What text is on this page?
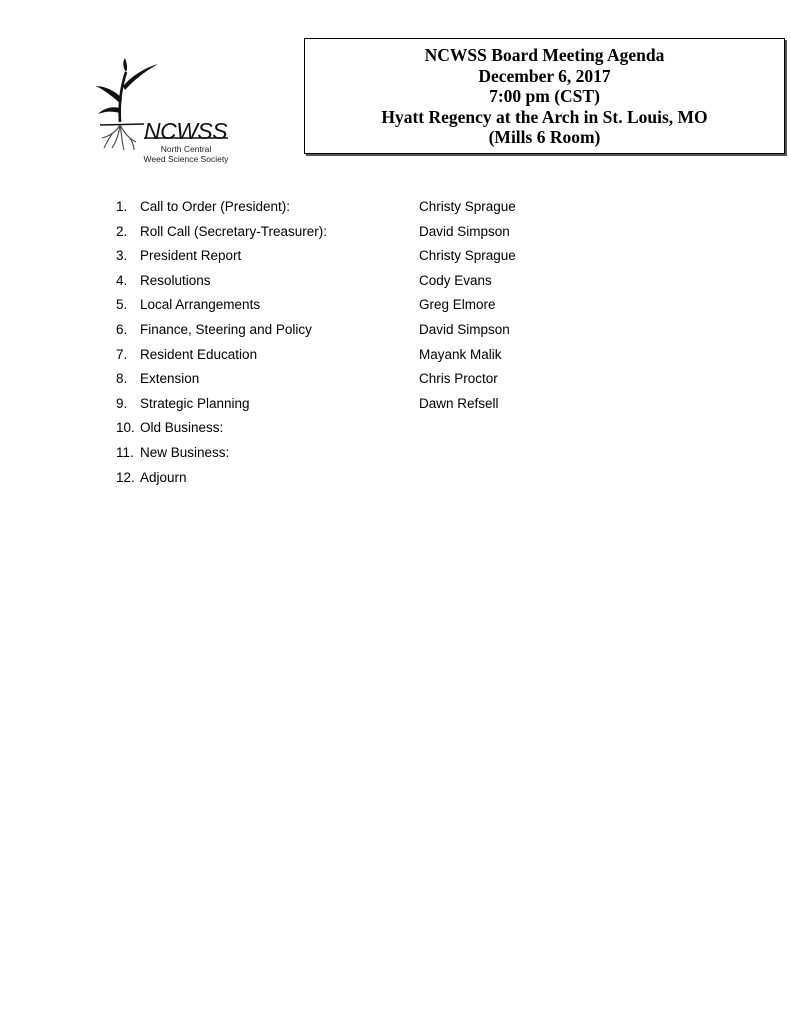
NCWSS
North Central
Weed Science Society
NCWSS Board Meeting Agenda
December 6, 2017
7:00 pm (CST)
Hyatt Regency at the Arch in St. Louis, MO
(Mills 6 Room)
1. Call to Order (President):	Christy Sprague
2. Roll Call (Secretary-Treasurer):	David Simpson
3. President Report	Christy Sprague
4. Resolutions	Cody Evans
5. Local Arrangements	Greg Elmore
6. Finance, Steering and Policy	David Simpson
7. Resident Education	Mayank Malik
8. Extension	Chris Proctor
9. Strategic Planning	Dawn Refsell
10. Old Business:
11. New Business:
12. Adjourn
